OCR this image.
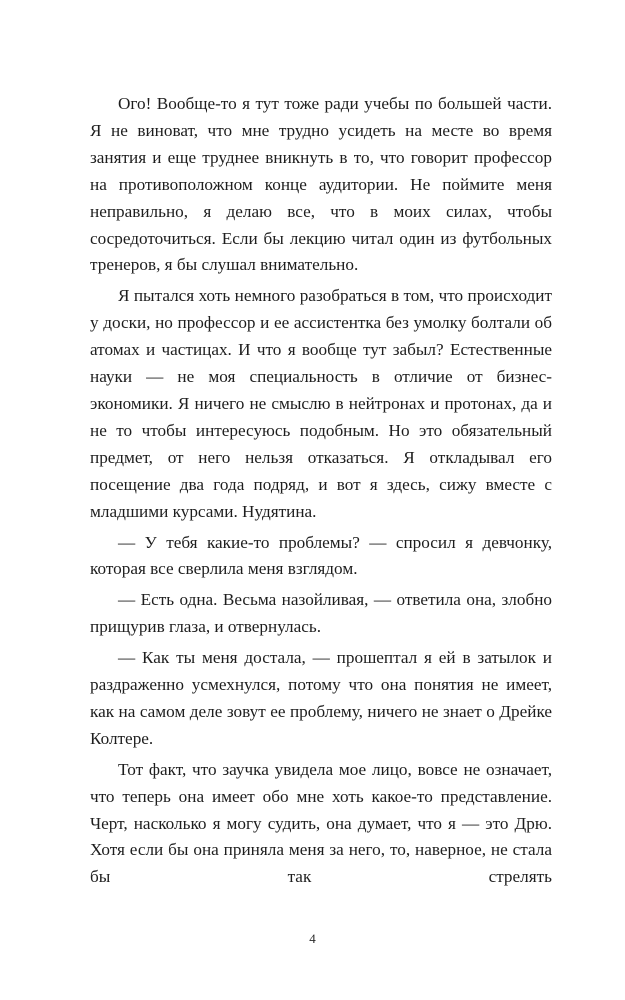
Ого! Вообще-то я тут тоже ради учебы по большей части. Я не виноват, что мне трудно усидеть на месте во время занятия и еще труднее вникнуть в то, что говорит профессор на противоположном конце аудитории. Не поймите меня неправильно, я делаю все, что в моих силах, чтобы сосредоточиться. Если бы лекцию читал один из футбольных тренеров, я бы слушал внимательно.

Я пытался хоть немного разобраться в том, что происходит у доски, но профессор и ее ассистентка без умолку болтали об атомах и частицах. И что я вообще тут забыл? Естественные науки — не моя специальность в отличие от бизнес-экономики. Я ничего не смыслю в нейтронах и протонах, да и не то чтобы интересуюсь подобным. Но это обязательный предмет, от него нельзя отказаться. Я откладывал его посещение два года подряд, и вот я здесь, сижу вместе с младшими курсами. Нудятина.

— У тебя какие-то проблемы? — спросил я девчонку, которая все сверлила меня взглядом.

— Есть одна. Весьма назойливая, — ответила она, злобно прищурив глаза, и отвернулась.

— Как ты меня достала, — прошептал я ей в затылок и раздраженно усмехнулся, потому что она понятия не имеет, как на самом деле зовут ее проблему, ничего не знает о Дрейке Колтере.

Тот факт, что заучка увидела мое лицо, вовсе не означает, что теперь она имеет обо мне хоть какое-то представление. Черт, насколько я могу судить, она думает, что я — это Дрю. Хотя если бы она приняла меня за него, то, наверное, не стала бы так стрелять

4
